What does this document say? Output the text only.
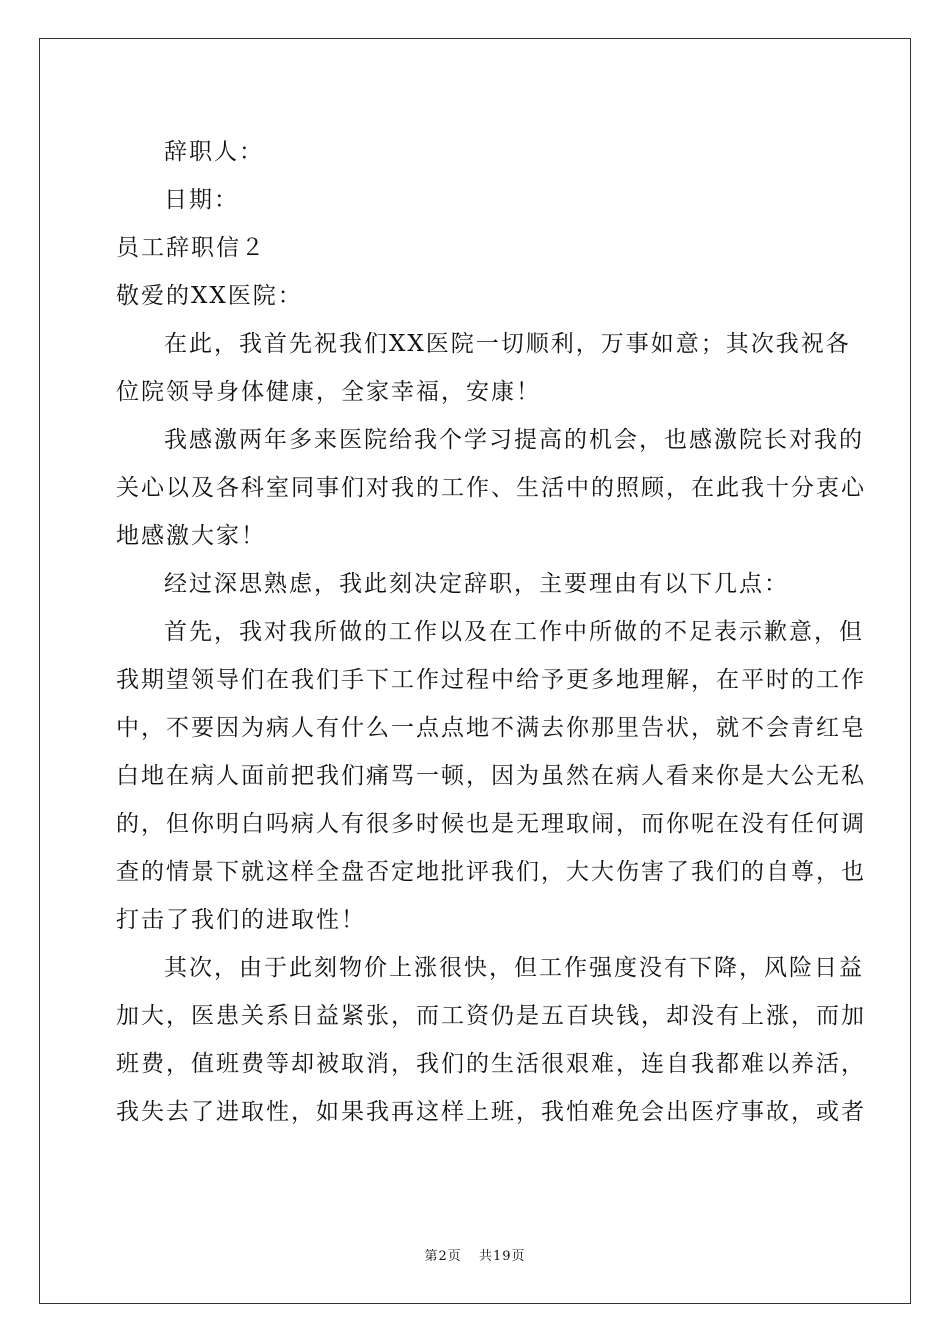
辞职人：
日期：
员工辞职信２
敬爱的XX医院：
在此，我首先祝我们XX医院一切顺利，万事如意；其次我祝各
位院领导身体健康，全家幸福，安康！
我感激两年多来医院给我个学习提高的机会，也感激院长对我的
关心以及各科室同事们对我的工作、生活中的照顾，在此我十分衷心
地感激大家！
经过深思熟虑，我此刻决定辞职，主要理由有以下几点：
首先，我对我所做的工作以及在工作中所做的不足表示歉意，但
我期望领导们在我们手下工作过程中给予更多地理解，在平时的工作
中，不要因为病人有什么一点点地不满去你那里告状，就不会青红皂
白地在病人面前把我们痛骂一顿，因为虽然在病人看来你是大公无私
的，但你明白吗病人有很多时候也是无理取闹，而你呢在没有任何调
查的情景下就这样全盘否定地批评我们，大大伤害了我们的自尊，也
打击了我们的进取性！
其次，由于此刻物价上涨很快，但工作强度没有下降，风险日益
加大，医患关系日益紧张，而工资仍是五百块钱，却没有上涨，而加
班费，值班费等却被取消，我们的生活很艰难，连自我都难以养活，
我失去了进取性，如果我再这样上班，我怕难免会出医疗事故，或者
第2页 共19页
